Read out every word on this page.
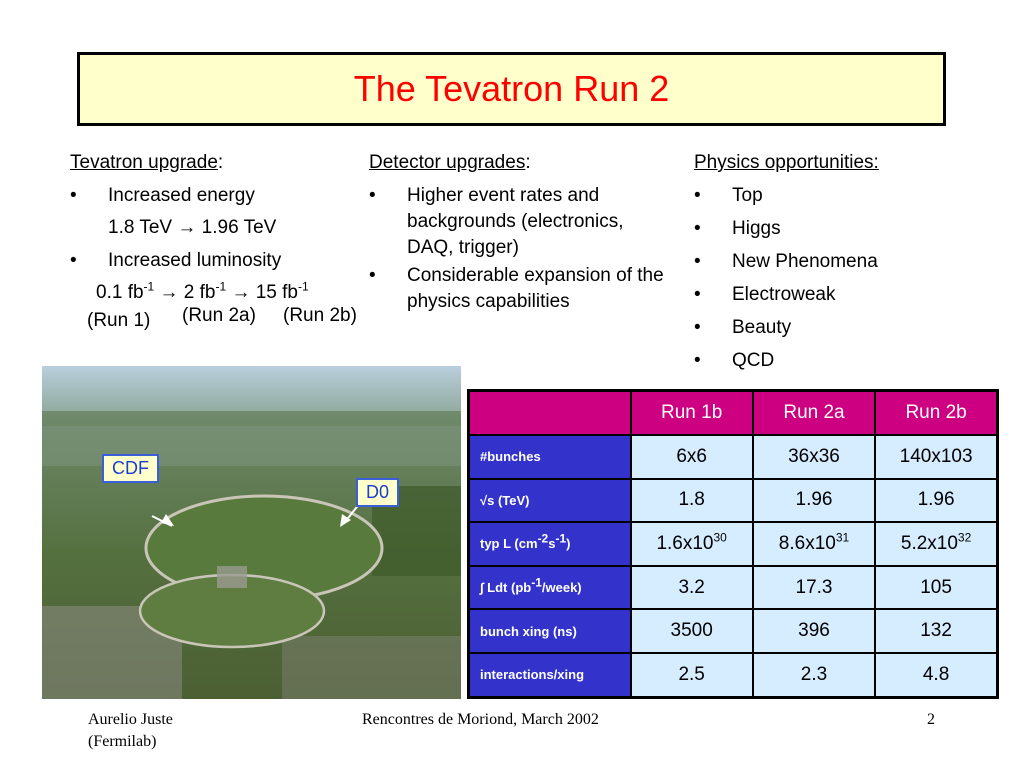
The Tevatron Run 2
Tevatron upgrade:
•	Increased energy
1.8 TeV → 1.96 TeV
•	Increased luminosity
0.1 $fb^{-1} \to 2$ $fb^{-1} \to 15$ $fb^{-1}$
(Run 1) (Run 2a) (Run 2b)
Detector upgrades:
•	Higher event rates and backgrounds (electronics, DAQ, trigger)
•	Considerable expansion of the physics capabilities
Physics opportunities:
•	Top
•	Higgs
•	New Phenomena
•	Electroweak
•	Beauty
•	QCD
CDF
D0
	Run 1b	Run 2a	Run 2b
#bunches	6x6	36x36	140x103
√s (TeV)	1.8	1.96	1.96
typ L $(cm^{-2}s^{-1})$	$1.6x10^{30}$	$8.6x10^{31}$	$5.2x10^{32}$
∫ Ldt $(pb^{-1}/week)$	3.2	17.3	105
bunch xing (ns)	3500	396	132
interactions/xing	2.5	2.3	4.8
Aurelio Juste
(Fermilab)
Rencontres de Moriond, March 2002	2
